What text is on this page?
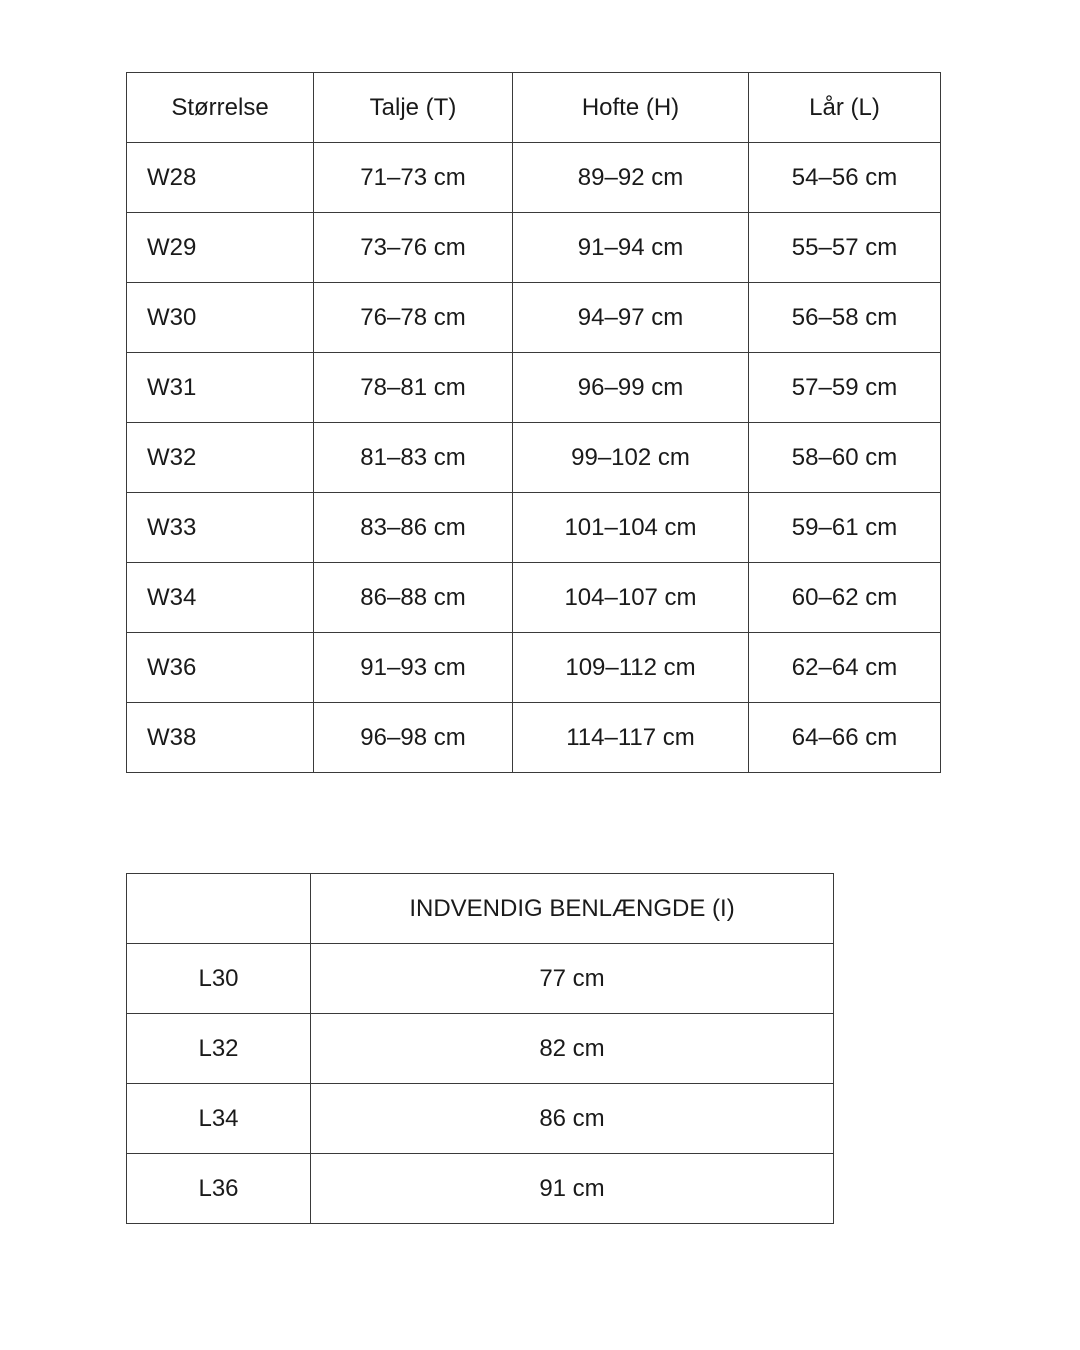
Størrelse	Talje (T)	Hofte (H)	Lår (L)
W28	71–73 cm	89–92 cm	54–56 cm
W29	73–76 cm	91–94 cm	55–57 cm
W30	76–78 cm	94–97 cm	56–58 cm
W31	78–81 cm	96–99 cm	57–59 cm
W32	81–83 cm	99–102 cm	58–60 cm
W33	83–86 cm	101–104 cm	59–61 cm
W34	86–88 cm	104–107 cm	60–62 cm
W36	91–93 cm	109–112 cm	62–64 cm
W38	96–98 cm	114–117 cm	64–66 cm
	INDVENDIG BENLÆNGDE (I)
L30	77 cm
L32	82 cm
L34	86 cm
L36	91 cm
